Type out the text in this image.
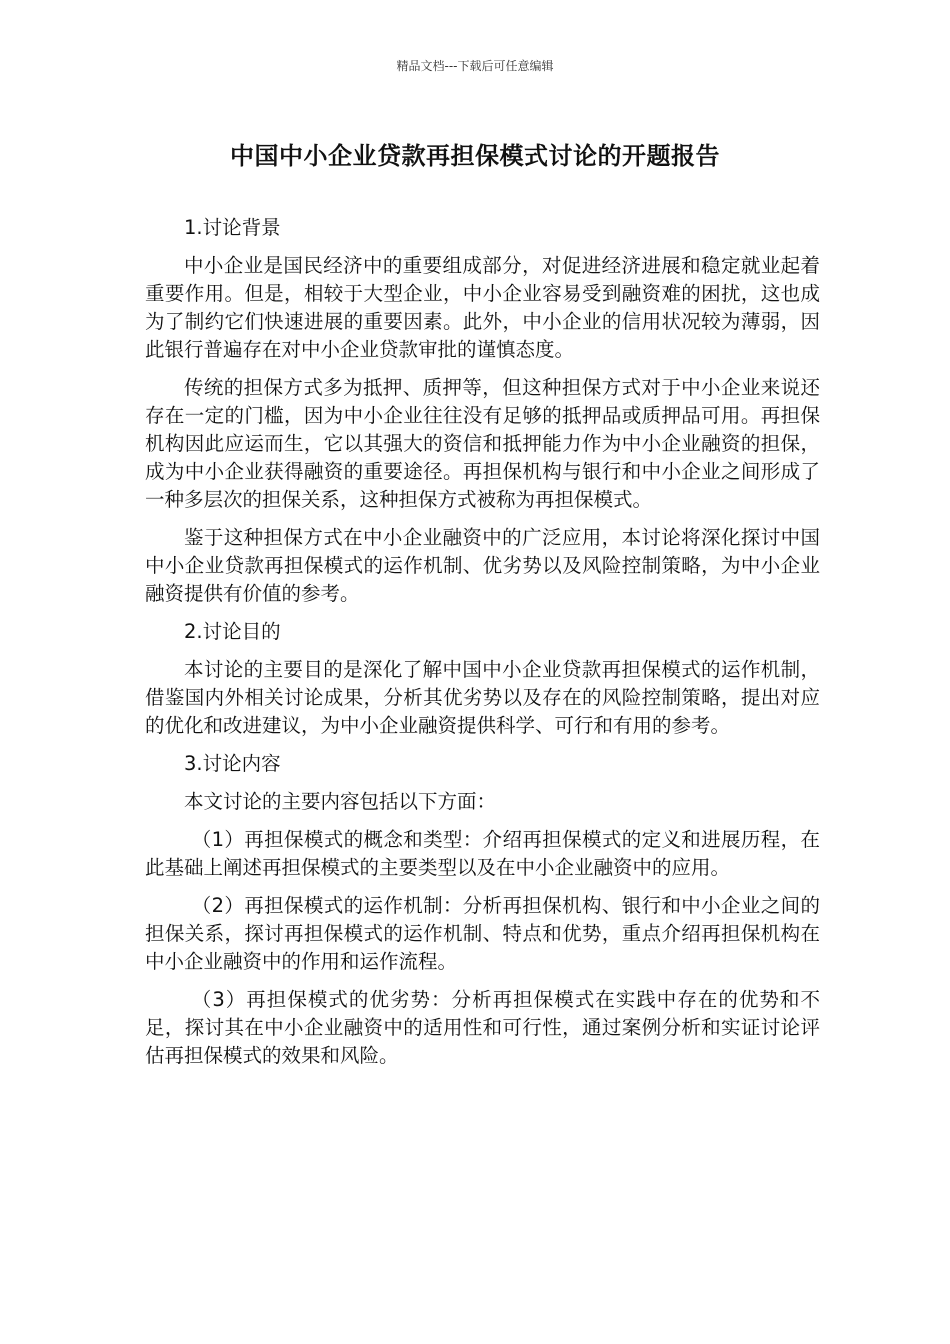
精品文档---下载后可任意编辑
中国中小企业贷款再担保模式讨论的开题报告

1.讨论背景

中小企业是国民经济中的重要组成部分，对促进经济进展和稳定就业起着重要作用。但是，相较于大型企业，中小企业容易受到融资难的困扰，这也成为了制约它们快速进展的重要因素。此外，中小企业的信用状况较为薄弱，因此银行普遍存在对中小企业贷款审批的谨慎态度。

传统的担保方式多为抵押、质押等，但这种担保方式对于中小企业来说还存在一定的门槛，因为中小企业往往没有足够的抵押品或质押品可用。再担保机构因此应运而生，它以其强大的资信和抵押能力作为中小企业融资的担保，成为中小企业获得融资的重要途径。再担保机构与银行和中小企业之间形成了一种多层次的担保关系，这种担保方式被称为再担保模式。

鉴于这种担保方式在中小企业融资中的广泛应用，本讨论将深化探讨中国中小企业贷款再担保模式的运作机制、优劣势以及风险控制策略，为中小企业融资提供有价值的参考。

2.讨论目的

本讨论的主要目的是深化了解中国中小企业贷款再担保模式的运作机制，借鉴国内外相关讨论成果，分析其优劣势以及存在的风险控制策略，提出对应的优化和改进建议，为中小企业融资提供科学、可行和有用的参考。

3.讨论内容

本文讨论的主要内容包括以下方面：

（1）再担保模式的概念和类型：介绍再担保模式的定义和进展历程，在此基础上阐述再担保模式的主要类型以及在中小企业融资中的应用。

（2）再担保模式的运作机制：分析再担保机构、银行和中小企业之间的担保关系，探讨再担保模式的运作机制、特点和优势，重点介绍再担保机构在中小企业融资中的作用和运作流程。

（3）再担保模式的优劣势：分析再担保模式在实践中存在的优势和不足，探讨其在中小企业融资中的适用性和可行性，通过案例分析和实证讨论评估再担保模式的效果和风险。
